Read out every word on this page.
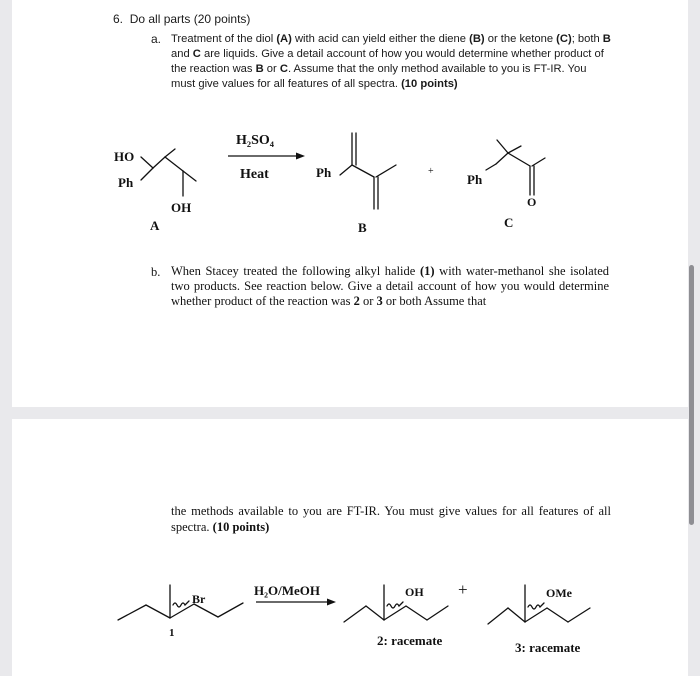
6. Do all parts (20 points)
a. Treatment of the diol (A) with acid can yield either the diene (B) or the ketone (C); both B and C are liquids. Give a detail account of how you would determine whether product of the reaction was B or C. Assume that the only method available to you is FT-IR. You must give values for all features of all spectra. (10 points)
HO
Ph
OH
A
H₂SO₄
Heat	Ph	+
Ph
O
B	C
b. When Stacey treated the following alkyl halide (1) with water-methanol she isolated two products. See reaction below. Give a detail account of how you would determine whether product of the reaction was 2 or 3 or both Assume that
the methods available to you are FT-IR. You must give values for all features of all spectra. (10 points)
Br
H₂O/MeOH	OH +	OMe
1	2: racemate	3: racemate
